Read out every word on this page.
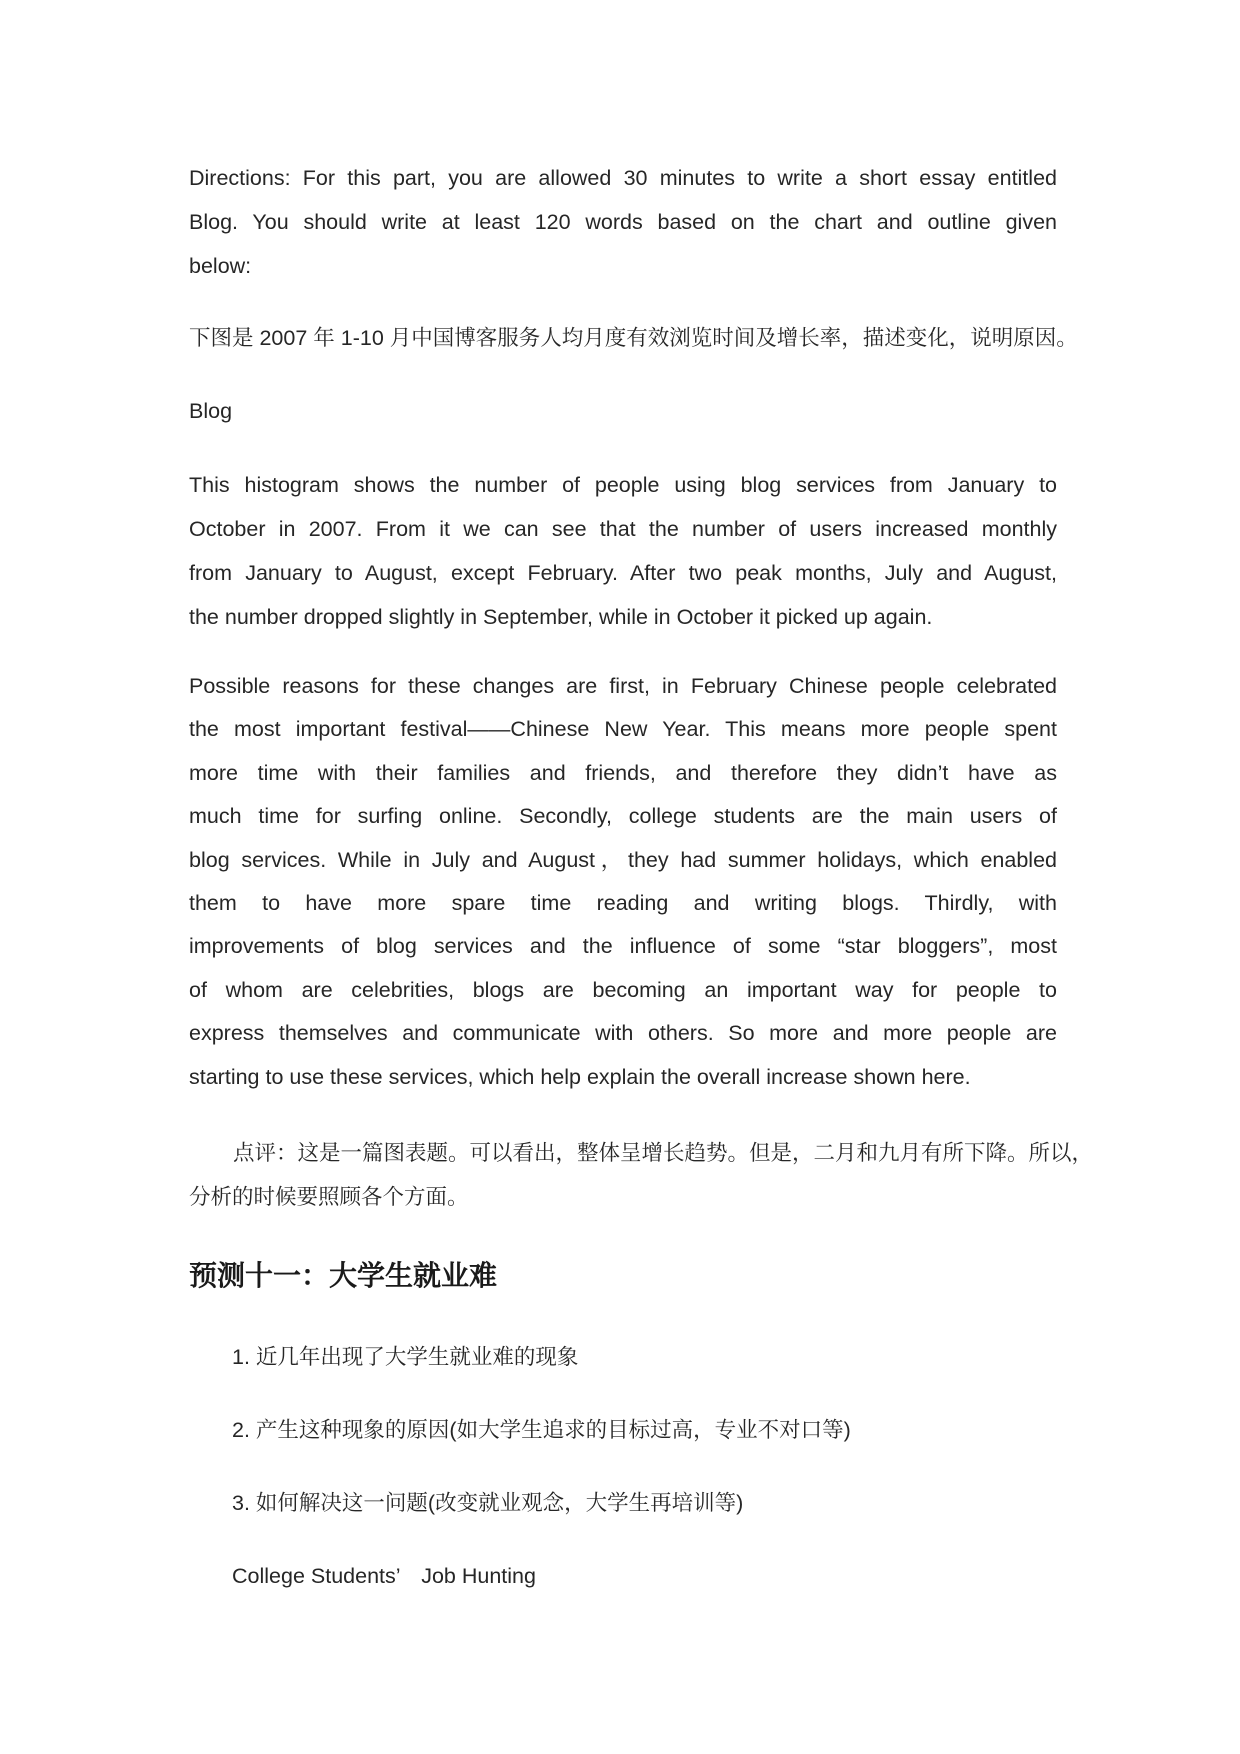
Directions: For this part, you are allowed 30 minutes to write a short essay entitled
Blog. You should write at least 120 words based on the chart and outline given
below:
下图是 2007 年 1-10 月中国博客服务人均月度有效浏览时间及增长率，描述变化，说明原因。
Blog
This histogram shows the number of people using blog services from January to
October in 2007. From it we can see that the number of users increased monthly
from January to August, except February. After two peak months, July and August,
the number dropped slightly in September, while in October it picked up again.
Possible reasons for these changes are first, in February Chinese people celebrated
the most important festival——Chinese New Year. This means more people spent
more time with their families and friends, and therefore they didn’t have as
much time for surfing online. Secondly, college students are the main users of
blog services. While in July and August，they had summer holidays, which enabled
them to have more spare time reading and writing blogs. Thirdly, with
improvements of blog services and the influence of some “star bloggers”, most
of whom are celebrities, blogs are becoming an important way for people to
express themselves and communicate with others. So more and more people are
starting to use these services, which help explain the overall increase shown here.
点评：这是一篇图表题。可以看出，整体呈增长趋势。但是，二月和九月有所下降。所以，
分析的时候要照顾各个方面。
预测十一：大学生就业难
1. 近几年出现了大学生就业难的现象
2. 产生这种现象的原因(如大学生追求的目标过高，专业不对口等)
3. 如何解决这一问题(改变就业观念，大学生再培训等)
College Students’　Job Hunting
